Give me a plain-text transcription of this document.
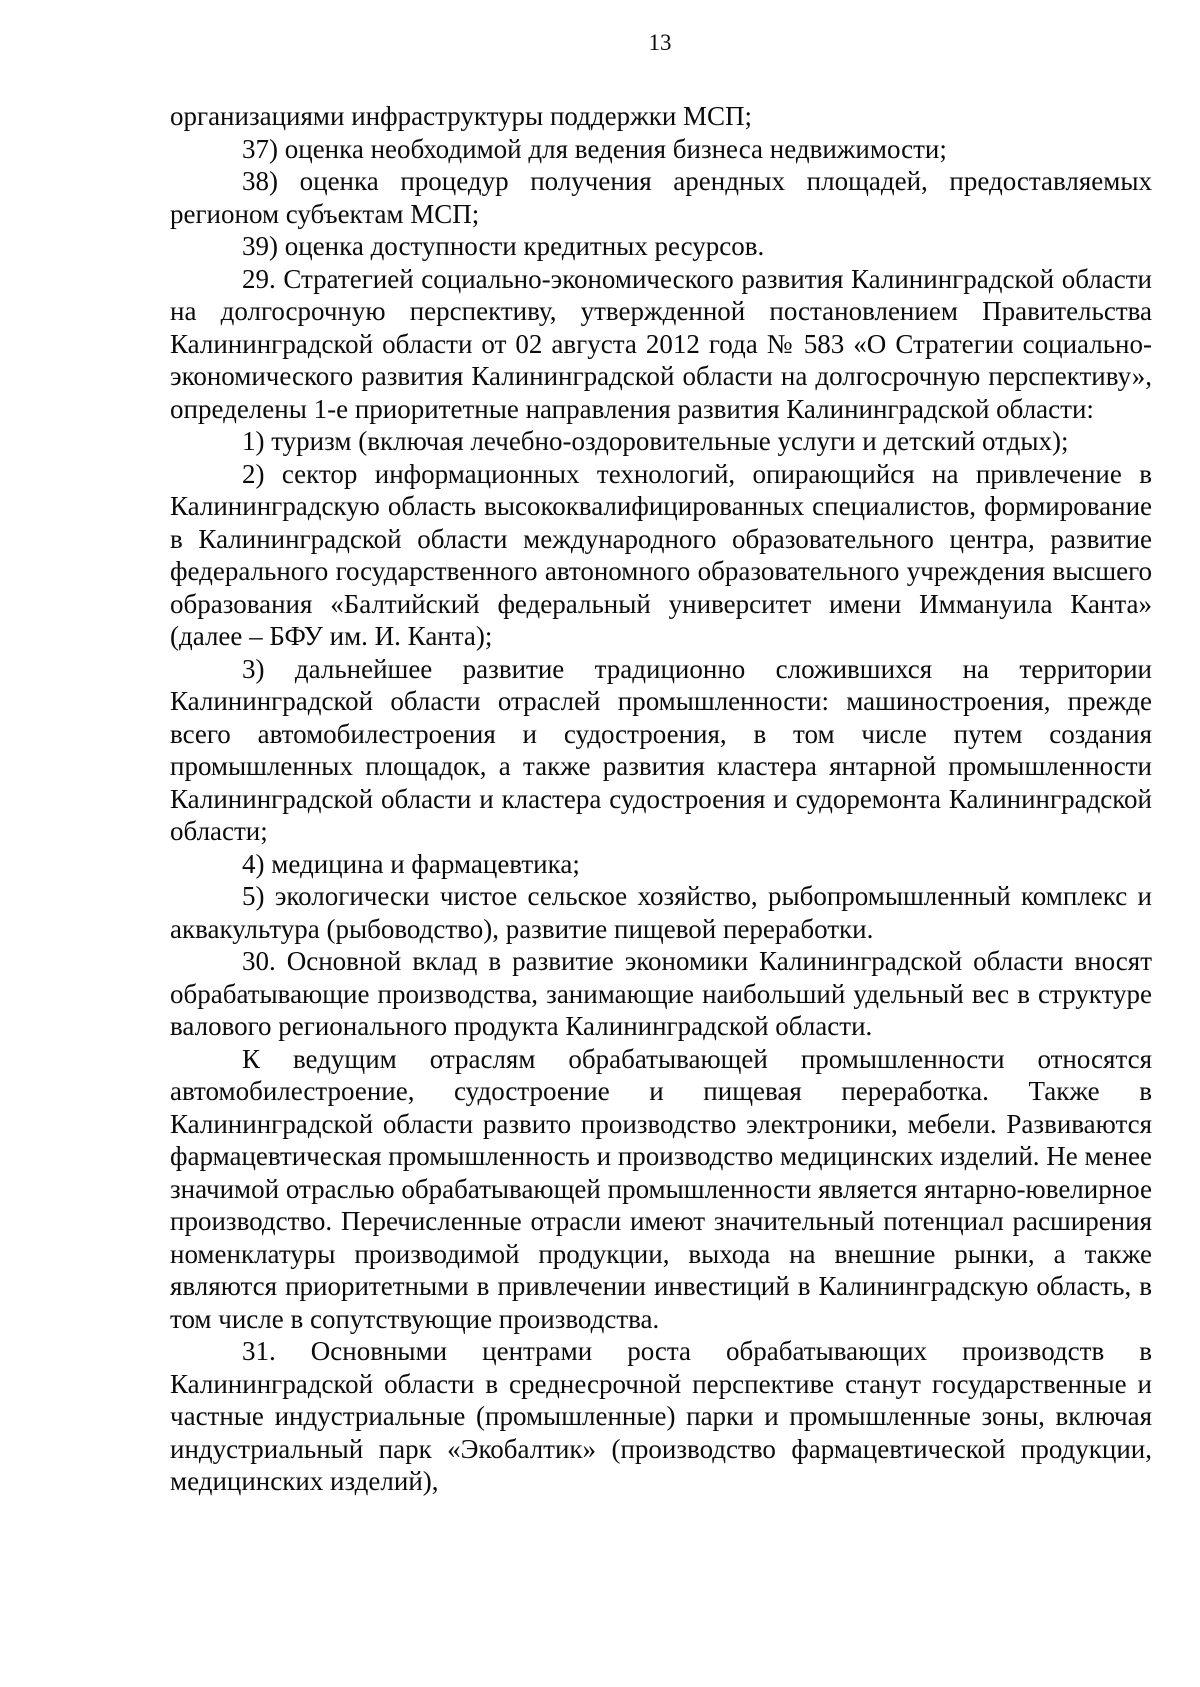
13

организациями инфраструктуры поддержки МСП;

37) оценка необходимой для ведения бизнеса недвижимости;

38) оценка процедур получения арендных площадей, предоставляемых регионом субъектам МСП;

39) оценка доступности кредитных ресурсов.

29. Стратегией социально-экономического развития Калининградской области на долгосрочную перспективу, утвержденной постановлением Правительства Калининградской области от 02 августа 2012 года № 583 «О Стратегии социально-экономического развития Калининградской области на долгосрочную перспективу», определены 1-е приоритетные направления развития Калининградской области:

1) туризм (включая лечебно-оздоровительные услуги и детский отдых);

2) сектор информационных технологий, опирающийся на привлечение в Калининградскую область высококвалифицированных специалистов, формирование в Калининградской области международного образовательного центра, развитие федерального государственного автономного образовательного учреждения высшего образования «Балтийский федеральный университет имени Иммануила Канта» (далее – БФУ им. И. Канта);

3) дальнейшее развитие традиционно сложившихся на территории Калининградской области отраслей промышленности: машиностроения, прежде всего автомобилестроения и судостроения, в том числе путем создания промышленных площадок, а также развития кластера янтарной промышленности Калининградской области и кластера судостроения и судоремонта Калининградской области;

4) медицина и фармацевтика;

5) экологически чистое сельское хозяйство, рыбопромышленный комплекс и аквакультура (рыбоводство), развитие пищевой переработки.

30. Основной вклад в развитие экономики Калининградской области вносят обрабатывающие производства, занимающие наибольший удельный вес в структуре валового регионального продукта Калининградской области.

К ведущим отраслям обрабатывающей промышленности относятся автомобилестроение, судостроение и пищевая переработка. Также в Калининградской области развито производство электроники, мебели. Развиваются фармацевтическая промышленность и производство медицинских изделий. Не менее значимой отраслью обрабатывающей промышленности является янтарно-ювелирное производство. Перечисленные отрасли имеют значительный потенциал расширения номенклатуры производимой продукции, выхода на внешние рынки, а также являются приоритетными в привлечении инвестиций в Калининградскую область, в том числе в сопутствующие производства.

31. Основными центрами роста обрабатывающих производств в Калининградской области в среднесрочной перспективе станут государственные и частные индустриальные (промышленные) парки и промышленные зоны, включая индустриальный парк «Экобалтик» (производство фармацевтической продукции, медицинских изделий),
